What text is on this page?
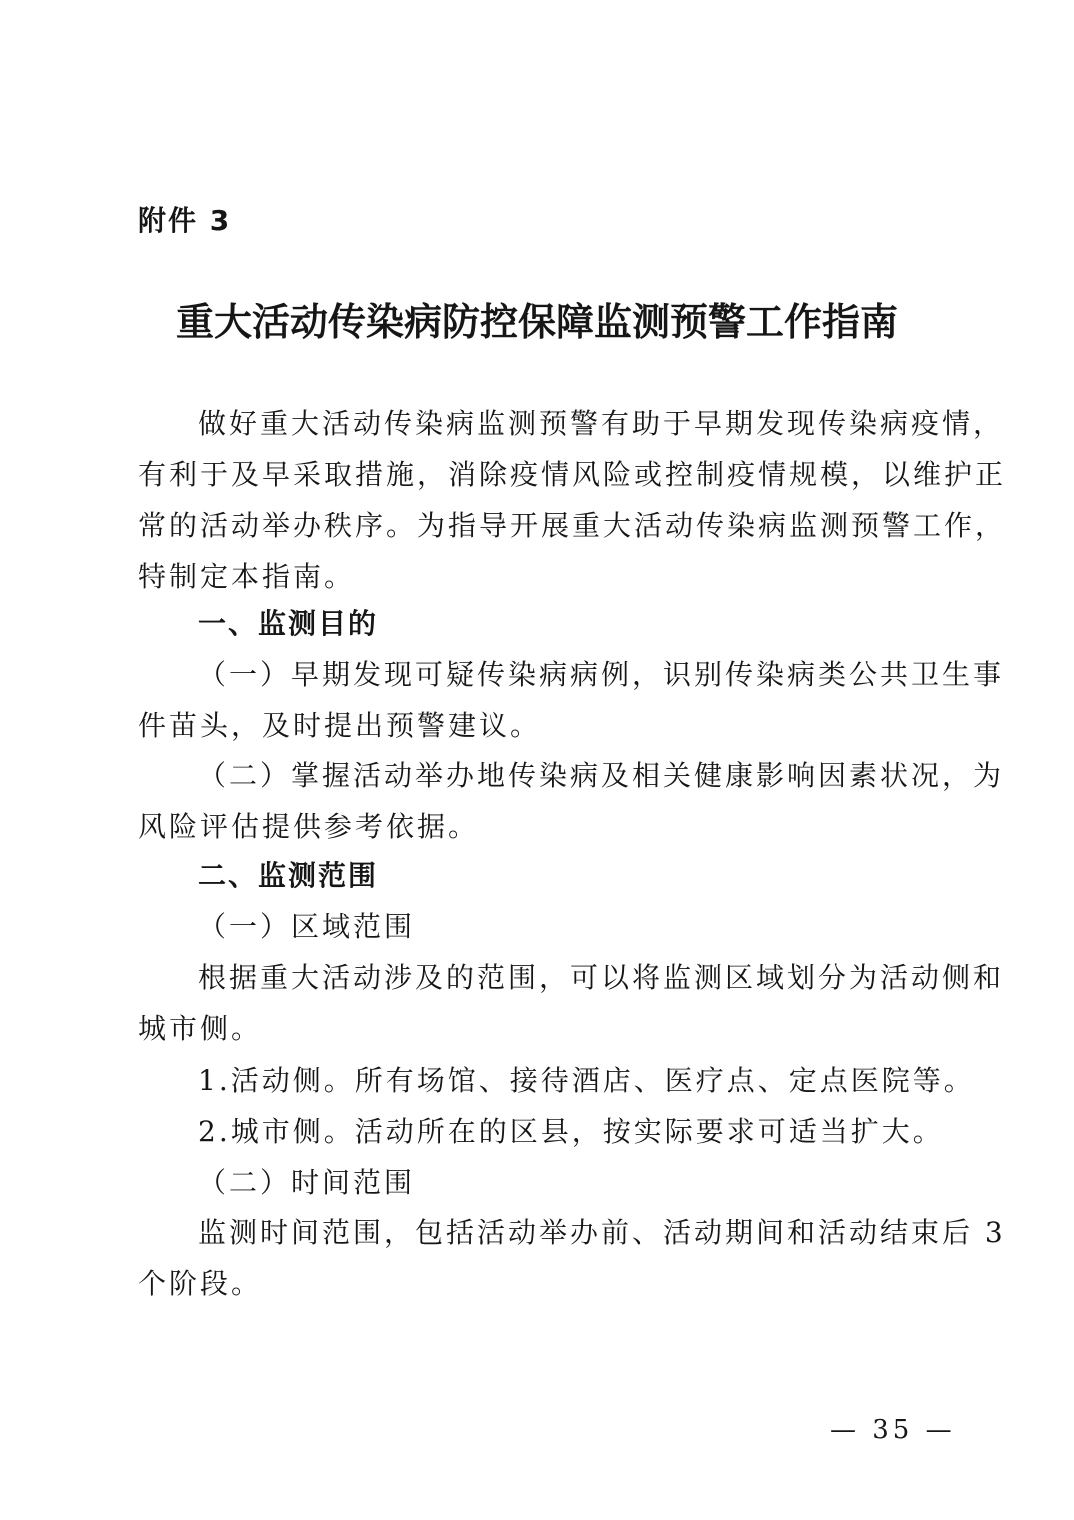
附件 3
重大活动传染病防控保障监测预警工作指南
做好重大活动传染病监测预警有助于早期发现传染病疫情，
有利于及早采取措施，消除疫情风险或控制疫情规模，以维护正
常的活动举办秩序。为指导开展重大活动传染病监测预警工作，
特制定本指南。
一、监测目的
（一）早期发现可疑传染病病例，识别传染病类公共卫生事
件苗头，及时提出预警建议。
（二）掌握活动举办地传染病及相关健康影响因素状况，为
风险评估提供参考依据。
二、监测范围
（一）区域范围
根据重大活动涉及的范围，可以将监测区域划分为活动侧和
城市侧。
1.活动侧。所有场馆、接待酒店、医疗点、定点医院等。
2.城市侧。活动所在的区县，按实际要求可适当扩大。
（二）时间范围
监测时间范围，包括活动举办前、活动期间和活动结束后 3
个阶段。
— 35 —
